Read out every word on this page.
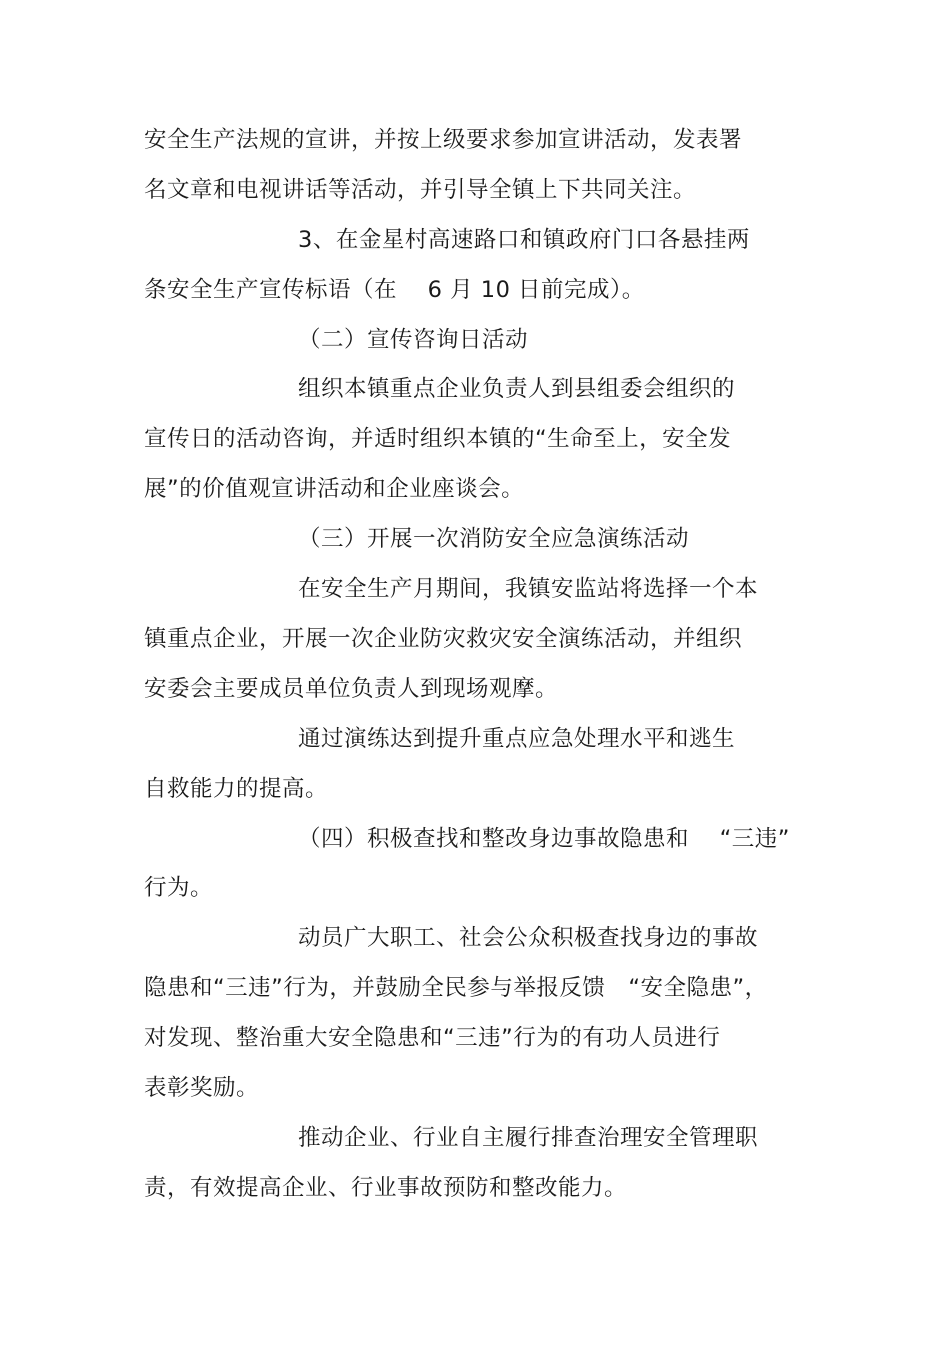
安全生产法规的宣讲，并按上级要求参加宣讲活动，发表署
名文章和电视讲话等活动，并引导全镇上下共同关注。
3、在金星村高速路口和镇政府门口各悬挂两
条安全生产宣传标语（在　 6 月 10 日前完成）。
（二）宣传咨询日活动
组织本镇重点企业负责人到县组委会组织的
宣传日的活动咨询，并适时组织本镇的“生命至上，安全发
展”的价值观宣讲活动和企业座谈会。
（三）开展一次消防安全应急演练活动
在安全生产月期间，我镇安监站将选择一个本
镇重点企业，开展一次企业防灾救灾安全演练活动，并组织
安委会主要成员单位负责人到现场观摩。
通过演练达到提升重点应急处理水平和逃生
自救能力的提高。
（四）积极查找和整改身边事故隐患和　 “三违”
行为。
动员广大职工、社会公众积极查找身边的事故
隐患和“三违”行为，并鼓励全民参与举报反馈　“安全隐患”，
对发现、整治重大安全隐患和“三违”行为的有功人员进行
表彰奖励。
推动企业、行业自主履行排查治理安全管理职
责，有效提高企业、行业事故预防和整改能力。
